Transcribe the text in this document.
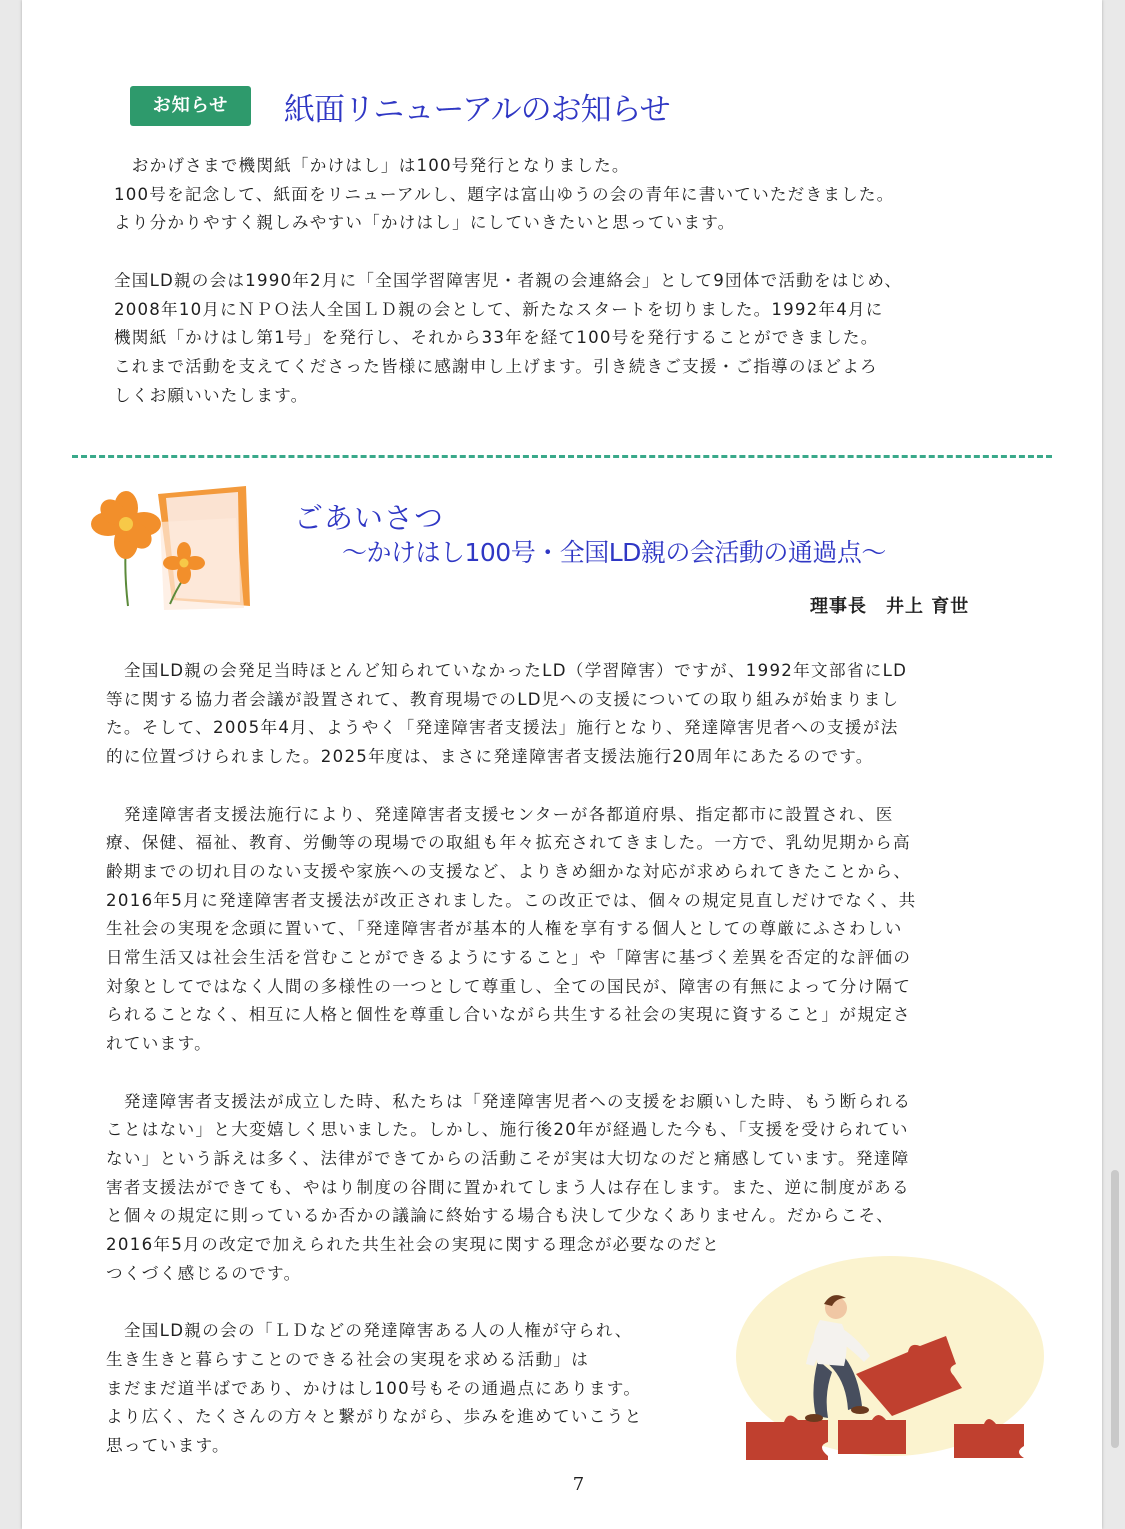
お知らせ	紙面リニューアルのお知らせ

　おかげさまで機関紙「かけはし」は100号発行となりました。

100号を記念して、紙面をリニューアルし、題字は富山ゆうの会の青年に書いていただきました。

より分かりやすく親しみやすい「かけはし」にしていきたいと思っています。

全国LD親の会は1990年2月に「全国学習障害児・者親の会連絡会」として9団体で活動をはじめ、

2008年10月にＮＰＯ法人全国ＬＤ親の会として、新たなスタートを切りました。1992年4月に

機関紙「かけはし第1号」を発行し、それから33年を経て100号を発行することができました。

これまで活動を支えてくださった皆様に感謝申し上げます。引き続きご支援・ご指導のほどよろ

しくお願いいたします。

ごあいさつ
～かけはし100号・全国LD親の会活動の通過点～
理事長　井上 育世

　全国LD親の会発足当時ほとんど知られていなかったLD（学習障害）ですが、1992年文部省にLD

等に関する協力者会議が設置されて、教育現場でのLD児への支援についての取り組みが始まりまし

た。そして、2005年4月、ようやく「発達障害者支援法」施行となり、発達障害児者への支援が法

的に位置づけられました。2025年度は、まさに発達障害者支援法施行20周年にあたるのです。

　発達障害者支援法施行により、発達障害者支援センターが各都道府県、指定都市に設置され、医

療、保健、福祉、教育、労働等の現場での取組も年々拡充されてきました。一方で、乳幼児期から高

齢期までの切れ目のない支援や家族への支援など、よりきめ細かな対応が求められてきたことから、

2016年5月に発達障害者支援法が改正されました。この改正では、個々の規定見直しだけでなく、共

生社会の実現を念頭に置いて、「発達障害者が基本的人権を享有する個人としての尊厳にふさわしい

日常生活又は社会生活を営むことができるようにすること」や「障害に基づく差異を否定的な評価の

対象としてではなく人間の多様性の一つとして尊重し、全ての国民が、障害の有無によって分け隔て

られることなく、相互に人格と個性を尊重し合いながら共生する社会の実現に資すること」が規定さ

れています。

　発達障害者支援法が成立した時、私たちは「発達障害児者への支援をお願いした時、もう断られる

ことはない」と大変嬉しく思いました。しかし、施行後20年が経過した今も、「支援を受けられてい

ない」という訴えは多く、法律ができてからの活動こそが実は大切なのだと痛感しています。発達障

害者支援法ができても、やはり制度の谷間に置かれてしまう人は存在します。また、逆に制度がある

と個々の規定に則っているか否かの議論に終始する場合も決して少なくありません。だからこそ、

2016年5月の改定で加えられた共生社会の実現に関する理念が必要なのだと

つくづく感じるのです。

　全国LD親の会の「ＬＤなどの発達障害ある人の人権が守られ、

生き生きと暮らすことのできる社会の実現を求める活動」は

まだまだ道半ばであり、かけはし100号もその通過点にあります。

より広く、たくさんの方々と繋がりながら、歩みを進めていこうと

思っています。

7
